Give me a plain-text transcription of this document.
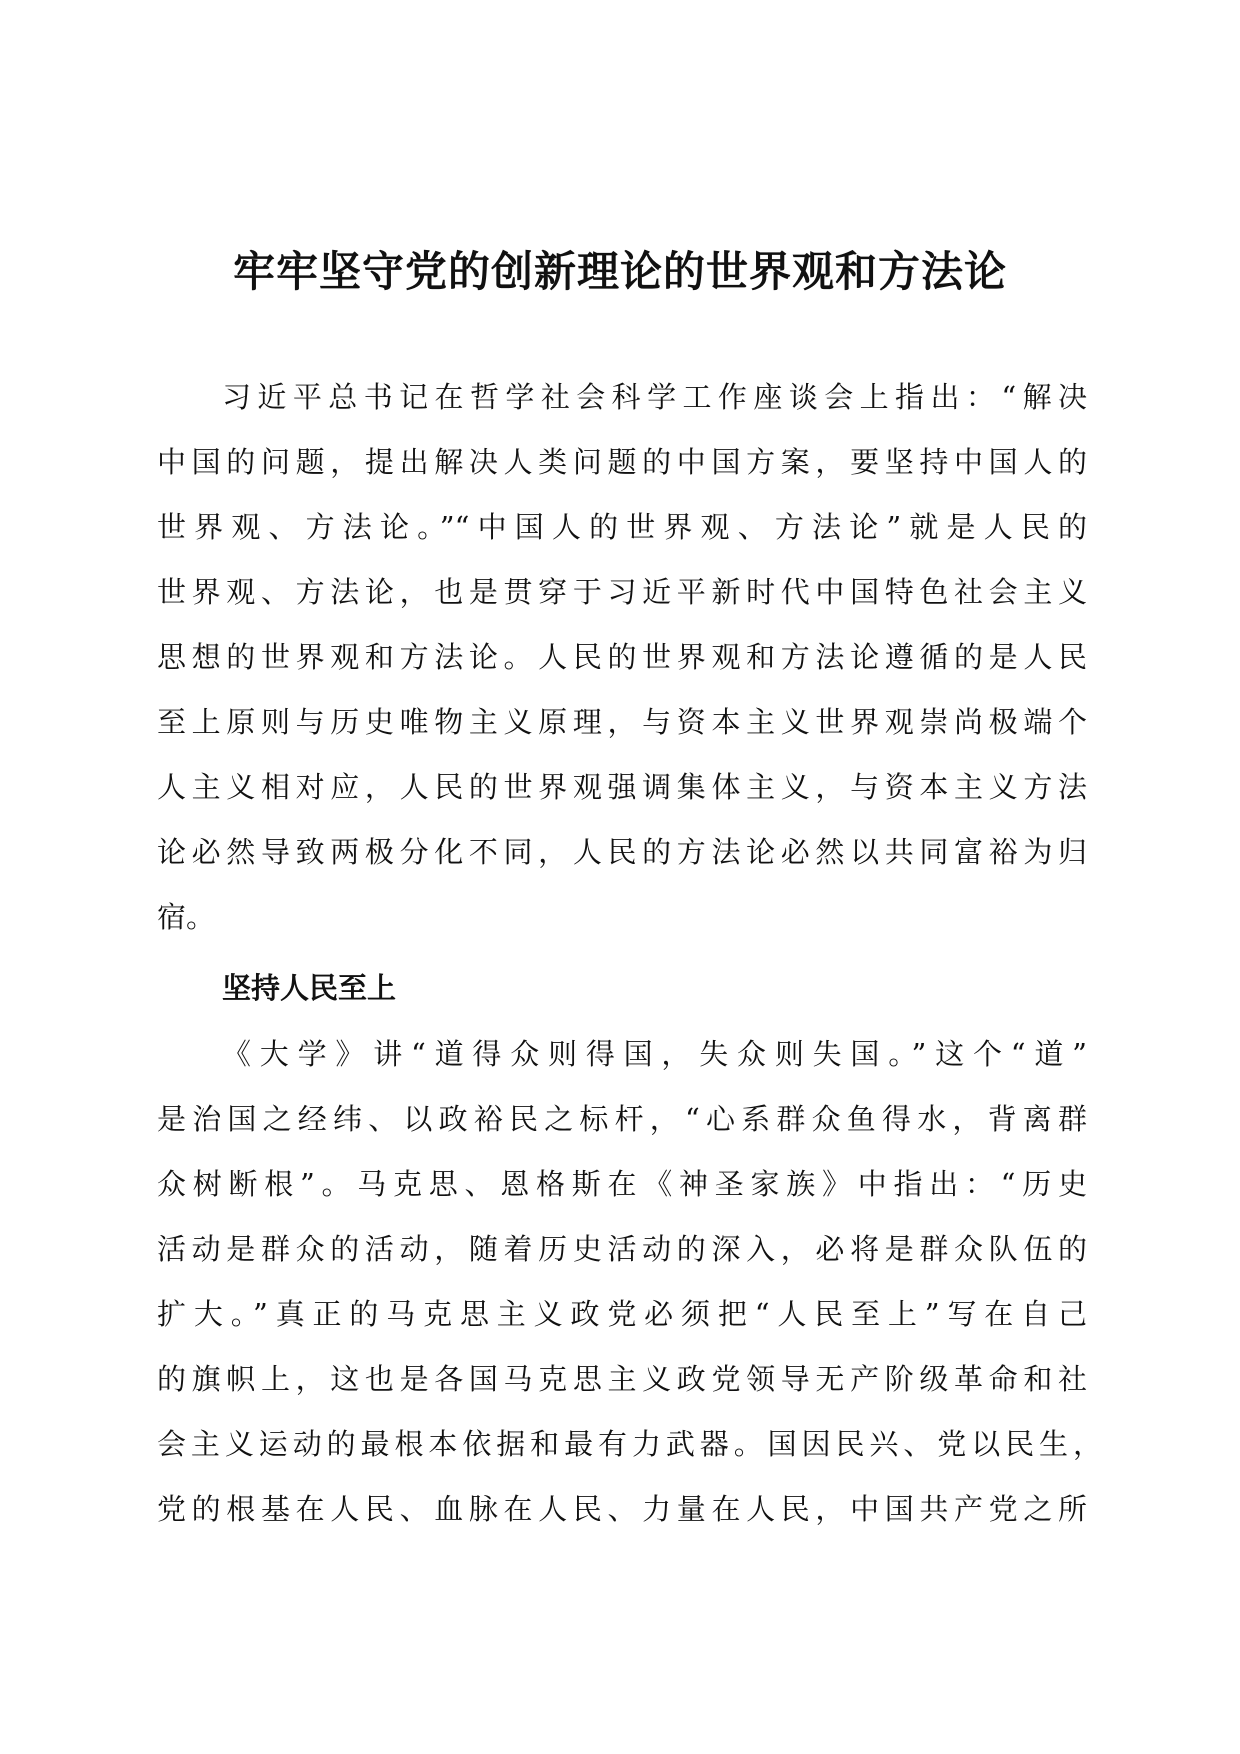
牢牢坚守党的创新理论的世界观和方法论
习近平总书记在哲学社会科学工作座谈会上指出：“解决
中国的问题，提出解决人类问题的中国方案，要坚持中国人的
世界观、方法论。”“中国人的世界观、方法论”就是人民的
世界观、方法论，也是贯穿于习近平新时代中国特色社会主义
思想的世界观和方法论。人民的世界观和方法论遵循的是人民
至上原则与历史唯物主义原理，与资本主义世界观崇尚极端个
人主义相对应，人民的世界观强调集体主义，与资本主义方法
论必然导致两极分化不同，人民的方法论必然以共同富裕为归
宿。
坚持人民至上
《大学》讲“道得众则得国，失众则失国。”这个“道”
是治国之经纬、以政裕民之标杆，“心系群众鱼得水，背离群
众树断根”。马克思、恩格斯在《神圣家族》中指出：“历史
活动是群众的活动，随着历史活动的深入，必将是群众队伍的
扩大。”真正的马克思主义政党必须把“人民至上”写在自己
的旗帜上，这也是各国马克思主义政党领导无产阶级革命和社
会主义运动的最根本依据和最有力武器。国因民兴、党以民生，
党的根基在人民、血脉在人民、力量在人民，中国共产党之所
